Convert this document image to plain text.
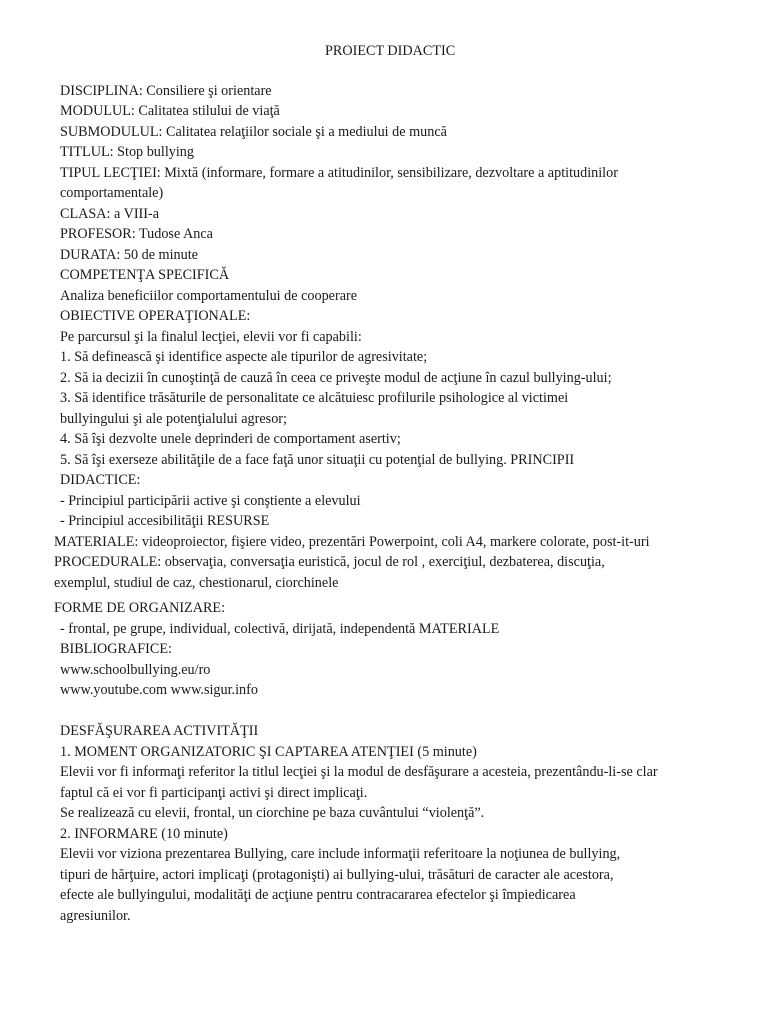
PROIECT DIDACTIC
DISCIPLINA: Consiliere şi orientare
MODULUL: Calitatea stilului de viaţă
SUBMODULUL: Calitatea relaţiilor sociale şi a mediului de muncă
TITLUL: Stop bullying
TIPUL LECŢIEI: Mixtă (informare, formare a atitudinilor, sensibilizare, dezvoltare a aptitudinilor
comportamentale)
CLASA: a VIII-a
PROFESOR: Tudose Anca
DURATA: 50 de minute
COMPETENŢA SPECIFICĂ
Analiza beneficiilor comportamentului de cooperare
OBIECTIVE OPERAŢIONALE:
Pe parcursul şi la finalul lecţiei, elevii vor fi capabili:
1. Să definească şi identifice aspecte ale tipurilor de agresivitate;
2. Să ia decizii în cunoştinţă de cauză în ceea ce priveşte modul de acţiune în cazul bullying-ului;
3. Să identifice trăsăturile de personalitate ce alcătuiesc profilurile psihologice al victimei
bullyingului şi ale potenţialului agresor;
4. Să îşi dezvolte unele deprinderi de comportament asertiv;
5. Să îşi exerseze abilităţile de a face faţă unor situaţii cu potenţial de bullying. PRINCIPII
DIDACTICE:
- Principiul participării active şi conştiente a elevului
- Principiul accesibilităţii RESURSE
MATERIALE: videoproiector, fişiere video, prezentări Powerpoint, coli A4, markere colorate, post-it-uri
PROCEDURALE: observaţia, conversaţia euristică, jocul de rol , exerciţiul, dezbaterea, discuţia,
exemplul, studiul de caz, chestionarul, ciorchinele
FORME DE ORGANIZARE:
- frontal, pe grupe, individual, colectivă, dirijată, independentă MATERIALE
BIBLIOGRAFICE:
www.schoolbullying.eu/ro
www.youtube.com www.sigur.info
DESFĂŞURAREA ACTIVITĂŢII
1. MOMENT ORGANIZATORIC ŞI CAPTAREA ATENŢIEI (5 minute)
Elevii vor fi informaţi referitor la titlul lecţiei şi la modul de desfăşurare a acesteia, prezentându-li-se clar
faptul că ei vor fi participanţi activi şi direct implicaţi.
Se realizează cu elevii, frontal, un ciorchine pe baza cuvântului “violenţă”.
2. INFORMARE (10 minute)
Elevii vor viziona prezentarea Bullying, care include informaţii referitoare la noţiunea de bullying,
tipuri de hărţuire, actori implicaţi (protagonişti) ai bullying-ului, trăsături de caracter ale acestora,
efecte ale bullyingului, modalităţi de acţiune pentru contracararea efectelor şi împiedicarea
agresiunilor.
